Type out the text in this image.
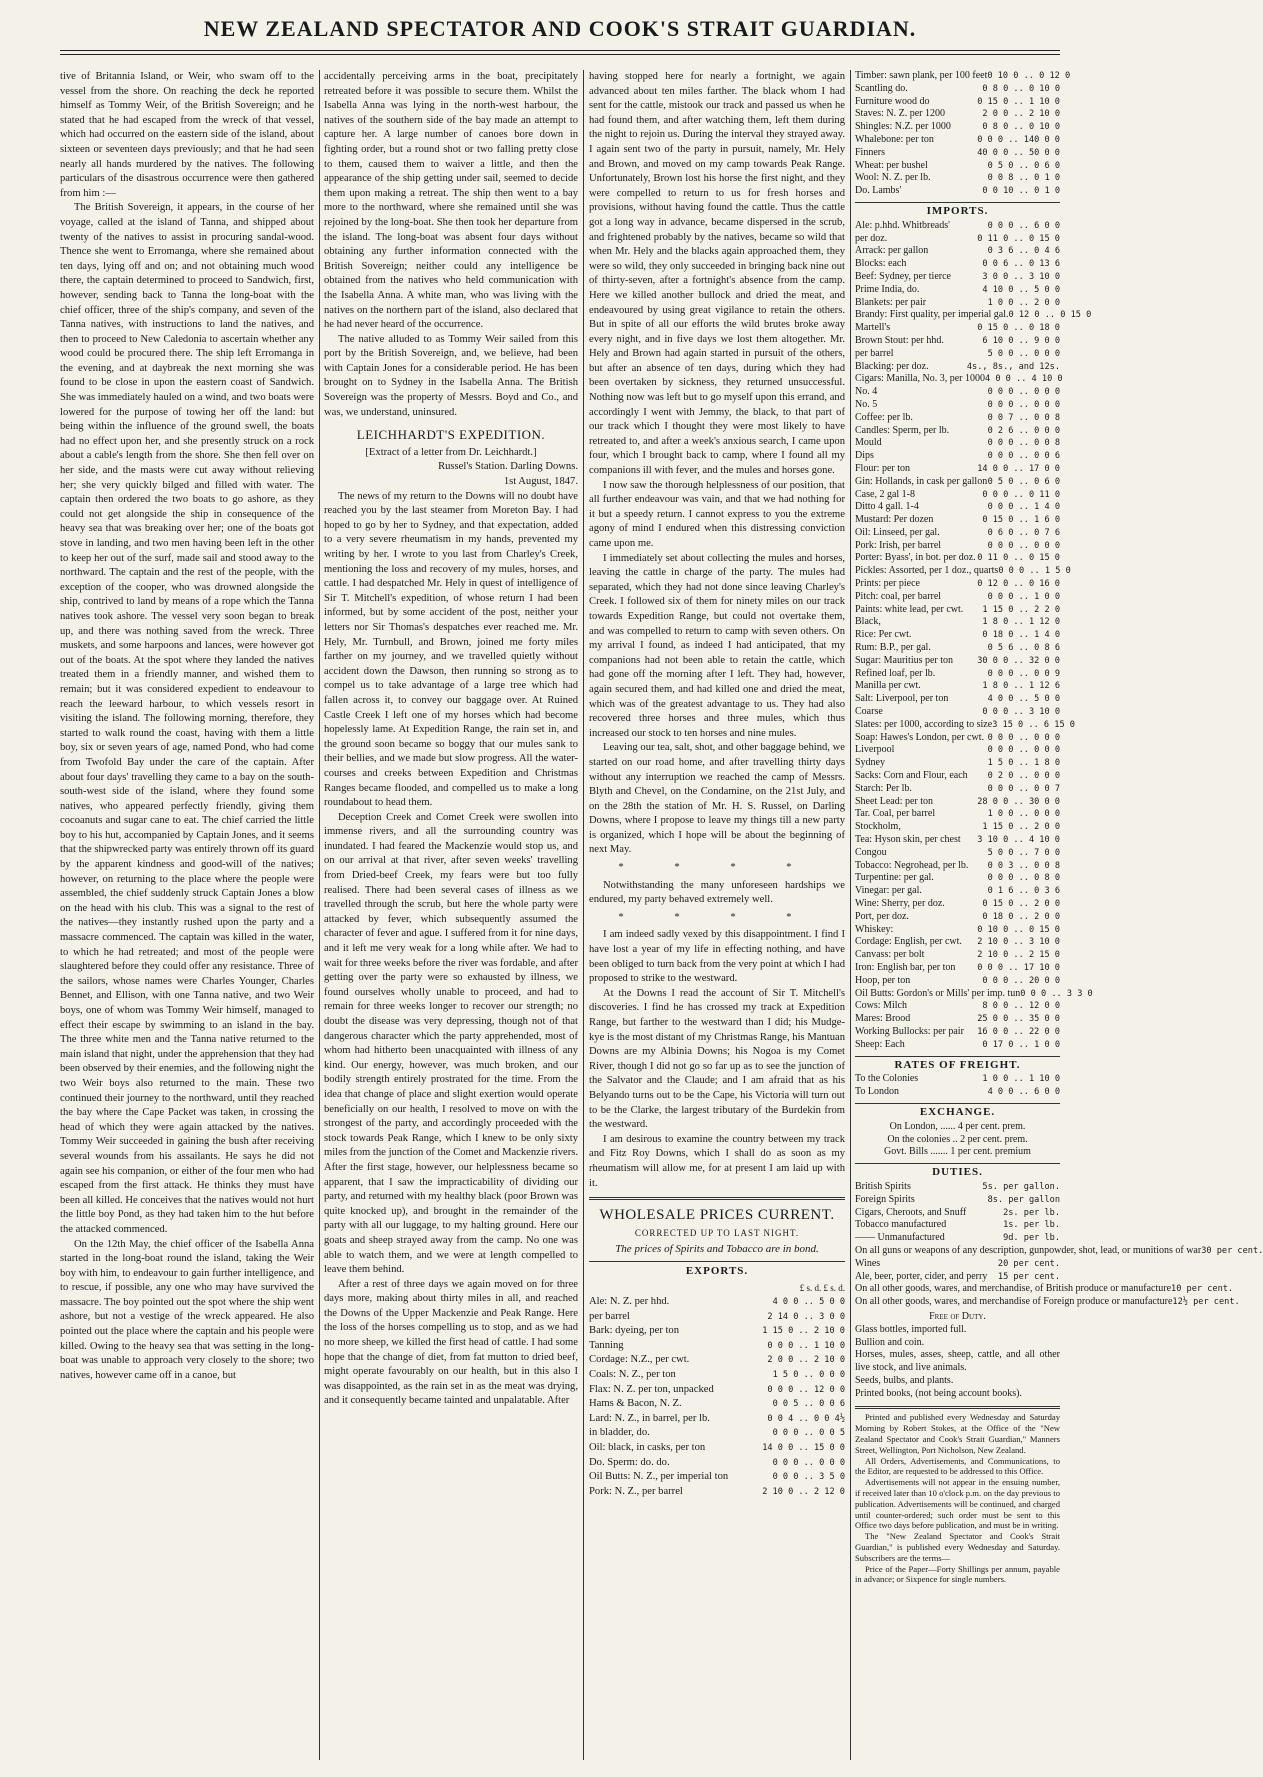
NEW ZEALAND SPECTATOR AND COOK'S STRAIT GUARDIAN.

tive of Britannia Island, or Weir, who swam off to the vessel from the shore. On reaching the deck he reported himself as Tommy Weir, of the British Sovereign; and he stated that he had escaped from the wreck of that vessel, which had occurred on the eastern side of the island, about sixteen or seventeen days previously; and that he had seen nearly all hands murdered by the natives. The following particulars of the disastrous occurrence were then gathered from him :—

The British Sovereign, it appears, in the course of her voyage, called at the island of Tanna, and shipped about twenty of the natives to assist in procuring sandal-wood. Thence she went to Erromanga, where she remained about ten days, lying off and on; and not obtaining much wood there, the captain determined to proceed to Sandwich, first, however, sending back to Tanna the long-boat with the chief officer, three of the ship's company, and seven of the Tanna natives, with instructions to land the natives, and then to proceed to New Caledonia to ascertain whether any wood could be procured there. The ship left Erromanga in the evening, and at daybreak the next morning she was found to be close in upon the eastern coast of Sandwich. She was immediately hauled on a wind, and two boats were lowered for the purpose of towing her off the land: but being within the influence of the ground swell, the boats had no effect upon her, and she presently struck on a rock about a cable's length from the shore. She then fell over on her side, and the masts were cut away without relieving her; she very quickly bilged and filled with water. The captain then ordered the two boats to go ashore, as they could not get alongside the ship in consequence of the heavy sea that was breaking over her; one of the boats got stove in landing, and two men having been left in the other to keep her out of the surf, made sail and stood away to the northward. The captain and the rest of the people, with the exception of the cooper, who was drowned alongside the ship, contrived to land by means of a rope which the Tanna natives took ashore. The vessel very soon began to break up, and there was nothing saved from the wreck. Three muskets, and some harpoons and lances, were however got out of the boats. At the spot where they landed the natives treated them in a friendly manner, and wished them to remain; but it was considered expedient to endeavour to reach the leeward harbour, to which vessels resort in visiting the island. The following morning, therefore, they started to walk round the coast, having with them a little boy, six or seven years of age, named Pond, who had come from Twofold Bay under the care of the captain. After about four days' travelling they came to a bay on the south-south-west side of the island, where they found some natives, who appeared perfectly friendly, giving them cocoanuts and sugar cane to eat. The chief carried the little boy to his hut, accompanied by Captain Jones, and it seems that the shipwrecked party was entirely thrown off its guard by the apparent kindness and good-will of the natives; however, on returning to the place where the people were assembled, the chief suddenly struck Captain Jones a blow on the head with his club. This was a signal to the rest of the natives—they instantly rushed upon the party and a massacre commenced. The captain was killed in the water, to which he had retreated; and most of the people were slaughtered before they could offer any resistance. Three of the sailors, whose names were Charles Younger, Charles Bennet, and Ellison, with one Tanna native, and two Weir boys, one of whom was Tommy Weir himself, managed to effect their escape by swimming to an island in the bay. The three white men and the Tanna native returned to the main island that night, under the apprehension that they had been observed by their enemies, and the following night the two Weir boys also returned to the main. These two continued their journey to the northward, until they reached the bay where the Cape Packet was taken, in crossing the head of which they were again attacked by the natives. Tommy Weir succeeded in gaining the bush after receiving several wounds from his assailants. He says he did not again see his companion, or either of the four men who had escaped from the first attack. He thinks they must have been all killed. He conceives that the natives would not hurt the little boy Pond, as they had taken him to the hut before the attacked commenced.

On the 12th May, the chief officer of the Isabella Anna started in the long-boat round the island, taking the Weir boy with him, to endeavour to gain further intelligence, and to rescue, if possible, any one who may have survived the massacre. The boy pointed out the spot where the ship went ashore, but not a vestige of the wreck appeared. He also pointed out the place where the captain and his people were killed. Owing to the heavy sea that was setting in the long-boat was unable to approach very closely to the shore; two natives, however came off in a canoe, but

accidentally perceiving arms in the boat, precipitately retreated before it was possible to secure them. Whilst the Isabella Anna was lying in the north-west harbour, the natives of the southern side of the bay made an attempt to capture her. A large number of canoes bore down in fighting order, but a round shot or two falling pretty close to them, caused them to waiver a little, and then the appearance of the ship getting under sail, seemed to decide them upon making a retreat. The ship then went to a bay more to the northward, where she remained until she was rejoined by the long-boat. She then took her departure from the island. The long-boat was absent four days without obtaining any further information connected with the British Sovereign; neither could any intelligence be obtained from the natives who held communication with the Isabella Anna. A white man, who was living with the natives on the northern part of the island, also declared that he had never heard of the occurrence.

The native alluded to as Tommy Weir sailed from this port by the British Sovereign, and, we believe, had been with Captain Jones for a considerable period. He has been brought on to Sydney in the Isabella Anna. The British Sovereign was the property of Messrs. Boyd and Co., and was, we understand, uninsured.

LEICHHARDT'S EXPEDITION.

[Extract of a letter from Dr. Leichhardt.]

Russel's Station. Darling Downs.

1st August, 1847.

The news of my return to the Downs will no doubt have reached you by the last steamer from Moreton Bay. I had hoped to go by her to Sydney, and that expectation, added to a very severe rheumatism in my hands, prevented my writing by her. I wrote to you last from Charley's Creek, mentioning the loss and recovery of my mules, horses, and cattle. I had despatched Mr. Hely in quest of intelligence of Sir T. Mitchell's expedition, of whose return I had been informed, but by some accident of the post, neither your letters nor Sir Thomas's despatches ever reached me. Mr. Hely, Mr. Turnbull, and Brown, joined me forty miles farther on my journey, and we travelled quietly without accident down the Dawson, then running so strong as to compel us to take advantage of a large tree which had fallen across it, to convey our baggage over. At Ruined Castle Creek I left one of my horses which had become hopelessly lame. At Expedition Range, the rain set in, and the ground soon became so boggy that our mules sank to their bellies, and we made but slow progress. All the water-courses and creeks between Expedition and Christmas Ranges became flooded, and compelled us to make a long roundabout to head them.

Deception Creek and Comet Creek were swollen into immense rivers, and all the surrounding country was inundated. I had feared the Mackenzie would stop us, and on our arrival at that river, after seven weeks' travelling from Dried-beef Creek, my fears were but too fully realised. There had been several cases of illness as we travelled through the scrub, but here the whole party were attacked by fever, which subsequently assumed the character of fever and ague. I suffered from it for nine days, and it left me very weak for a long while after. We had to wait for three weeks before the river was fordable, and after getting over the party were so exhausted by illness, we found ourselves wholly unable to proceed, and had to remain for three weeks longer to recover our strength; no doubt the disease was very depressing, though not of that dangerous character which the party apprehended, most of whom had hitherto been unacquainted with illness of any kind. Our energy, however, was much broken, and our bodily strength entirely prostrated for the time. From the idea that change of place and slight exertion would operate beneficially on our health, I resolved to move on with the strongest of the party, and accordingly proceeded with the stock towards Peak Range, which I knew to be only sixty miles from the junction of the Comet and Mackenzie rivers. After the first stage, however, our helplessness became so apparent, that I saw the impracticability of dividing our party, and returned with my healthy black (poor Brown was quite knocked up), and brought in the remainder of the party with all our luggage, to my halting ground. Here our goats and sheep strayed away from the camp. No one was able to watch them, and we were at length compelled to leave them behind.

After a rest of three days we again moved on for three days more, making about thirty miles in all, and reached the Downs of the Upper Mackenzie and Peak Range. Here the loss of the horses compelling us to stop, and as we had no more sheep, we killed the first head of cattle. I had some hope that the change of diet, from fat mutton to dried beef, might operate favourably on our health, but in this also I was disappointed, as the rain set in as the meat was drying, and it consequently became tainted and unpalatable. After

having stopped here for nearly a fortnight, we again advanced about ten miles farther. The black whom I had sent for the cattle, mistook our track and passed us when he had found them, and after watching them, left them during the night to rejoin us. During the interval they strayed away. I again sent two of the party in pursuit, namely, Mr. Hely and Brown, and moved on my camp towards Peak Range. Unfortunately, Brown lost his horse the first night, and they were compelled to return to us for fresh horses and provisions, without having found the cattle. Thus the cattle got a long way in advance, became dispersed in the scrub, and frightened probably by the natives, became so wild that when Mr. Hely and the blacks again approached them, they were so wild, they only succeeded in bringing back nine out of thirty-seven, after a fortnight's absence from the camp. Here we killed another bullock and dried the meat, and endeavoured by using great vigilance to retain the others. But in spite of all our efforts the wild brutes broke away every night, and in five days we lost them altogether. Mr. Hely and Brown had again started in pursuit of the others, but after an absence of ten days, during which they had been overtaken by sickness, they returned unsuccessful. Nothing now was left but to go myself upon this errand, and accordingly I went with Jemmy, the black, to that part of our track which I thought they were most likely to have retreated to, and after a week's anxious search, I came upon four, which I brought back to camp, where I found all my companions ill with fever, and the mules and horses gone.

I now saw the thorough helplessness of our position, that all further endeavour was vain, and that we had nothing for it but a speedy return. I cannot express to you the extreme agony of mind I endured when this distressing conviction came upon me.

I immediately set about collecting the mules and horses, leaving the cattle in charge of the party. The mules had separated, which they had not done since leaving Charley's Creek. I followed six of them for ninety miles on our track towards Expedition Range, but could not overtake them, and was compelled to return to camp with seven others. On my arrival I found, as indeed I had anticipated, that my companions had not been able to retain the cattle, which had gone off the morning after I left. They had, however, again secured them, and had killed one and dried the meat, which was of the greatest advantage to us. They had also recovered three horses and three mules, which thus increased our stock to ten horses and nine mules.

Leaving our tea, salt, shot, and other baggage behind, we started on our road home, and after travelling thirty days without any interruption we reached the camp of Messrs. Blyth and Chevel, on the Condamine, on the 21st July, and on the 28th the station of Mr. H. S. Russel, on Darling Downs, where I propose to leave my things till a new party is organized, which I hope will be about the beginning of next May.

* * * *

Notwithstanding the many unforeseen hardships we endured, my party behaved extremely well.

* * * *

I am indeed sadly vexed by this disappointment. I find I have lost a year of my life in effecting nothing, and have been obliged to turn back from the very point at which I had proposed to strike to the westward.

At the Downs I read the account of Sir T. Mitchell's discoveries. I find he has crossed my track at Expedition Range, but farther to the westward than I did; his Mudge-kye is the most distant of my Christmas Range, his Mantuan Downs are my Albinia Downs; his Nogoa is my Comet River, though I did not go so far up as to see the junction of the Salvator and the Claude; and I am afraid that as his Belyando turns out to be the Cape, his Victoria will turn out to be the Clarke, the largest tributary of the Burdekin from the westward.

I am desirous to examine the country between my track and Fitz Roy Downs, which I shall do as soon as my rheumatism will allow me, for at present I am laid up with it.

WHOLESALE PRICES CURRENT.
CORRECTED UP TO LAST NIGHT.
The prices of Spirits and Tobacco are in bond.
EXPORTS.
£ s. d. £ s. d.
Ale: N. Z. per hhd.	4 0 0 .. 5 0 0
per barrel	2 14 0 .. 3 0 0
Bark: dyeing, per ton	1 15 0 .. 2 10 0
Tanning	0 0 0 .. 1 10 0
Cordage: N.Z., per cwt.	2 0 0 .. 2 10 0
Coals: N. Z., per ton	1 5 0 .. 0 0 0
Flax: N. Z. per ton, unpacked	0 0 0 .. 12 0 0
Hams & Bacon, N. Z.	0 0 5 .. 0 0 6
Lard: N. Z., in barrel, per lb.	0 0 4 .. 0 0 4½
in bladder, do.	0 0 0 .. 0 0 5
Oil: black, in casks, per ton	14 0 0 .. 15 0 0
Do. Sperm: do. do.	0 0 0 .. 0 0 0
Oil Butts: N. Z., per imperial ton	0 0 0 .. 3 5 0
Pork: N. Z., per barrel	2 10 0 .. 2 12 0
Timber: sawn plank, per 100 feet 0 10 0 .. 0 12 0
Scantling do.	0 8 0 .. 0 10 0
Furniture wood do	0 15 0 .. 1 10 0
Staves: N. Z. per 1200	2 0 0 .. 2 10 0
Shingles: N.Z. per 1000	0 8 0 .. 0 10 0
Whalebone: per ton	0 0 0 .. 140 0 0
Finners	40 0 0 .. 50 0 0
Wheat: per bushel	0 5 0 .. 0 6 0
Wool: N. Z. per lb.	0 0 8 .. 0 1 0
Do. Lambs'	0 0 10 .. 0 1 0
IMPORTS.
Ale: p.hhd. Whitbreads'	0 0 0 .. 6 0 0
per doz.	0 11 0 .. 0 15 0
Arrack: per gallon	0 3 6 .. 0 4 6
Blocks: each	0 0 6 .. 0 13 6
Beef: Sydney, per tierce	3 0 0 .. 3 10 0
Prime India, do.	4 10 0 .. 5 0 0
Blankets: per pair	1 0 0 .. 2 0 0
Brandy: First quality, per imperial gal. 0 12 0 .. 0 15 0
Martell's	0 15 0 .. 0 18 0
Brown Stout: per hhd.	6 10 0 .. 9 0 0
per barrel	5 0 0 .. 0 0 0
Blacking: per doz.	4s., 8s., and 12s.
Cigars: Manilla, No. 3, per 1000 4 0 0 .. 4 10 0
No. 4	0 0 0 .. 0 0 0
No. 5	0 0 0 .. 0 0 0
Coffee: per lb.	0 0 7 .. 0 0 8
Candles: Sperm, per lb.	0 2 6 .. 0 0 0
Mould	0 0 0 .. 0 0 8
Dips	0 0 0 .. 0 0 6
Flour: per ton	14 0 0 .. 17 0 0
Gin: Hollands, in cask per gallon 0 5 0 .. 0 6 0
Case, 2 gal 1-8	0 0 0 .. 0 11 0
Ditto 4 gall. 1-4	0 0 0 .. 1 4 0
Mustard: Per dozen	0 15 0 .. 1 6 0
Oil: Linseed, per gal.	0 6 0 .. 0 7 6
Pork: Irish, per barrel	0 0 0 .. 0 0 0
Porter: Byass', in bot. per doz. 0 11 0 .. 0 15 0
Pickles: Assorted, per 1 doz., quarts 0 0 0 .. 1 5 0
Prints: per piece	0 12 0 .. 0 16 0
Pitch: coal, per barrel	0 0 0 .. 1 0 0
Paints: white lead, per cwt.	1 15 0 .. 2 2 0
Black,	1 8 0 .. 1 12 0
Rice: Per cwt.	0 18 0 .. 1 4 0
Rum: B.P., per gal.	0 5 6 .. 0 8 6
Sugar: Mauritius per ton	30 0 0 .. 32 0 0
Refined loaf, per lb.	0 0 0 .. 0 0 9
Manilla per cwt.	1 8 0 .. 1 12 6
Salt: Liverpool, per ton	4 0 0 .. 5 0 0
Coarse	0 0 0 .. 3 10 0
Slates: per 1000, according to size 3 15 0 .. 6 15 0
Soap: Hawes's London, per cwt. 0 0 0 .. 0 0 0
Liverpool	0 0 0 .. 0 0 0
Sydney	1 5 0 .. 1 8 0
Sacks: Corn and Flour, each	0 2 0 .. 0 0 0
Starch: Per lb.	0 0 0 .. 0 0 7
Sheet Lead: per ton	28 0 0 .. 30 0 0
Tar. Coal, per barrel	1 0 0 .. 0 0 0
Stockholm,	1 15 0 .. 2 0 0
Tea: Hyson skin, per chest	3 10 0 .. 4 10 0
Congou	5 0 0 .. 7 0 0
Tobacco: Negrohead, per lb.	0 0 3 .. 0 0 8
Turpentine: per gal.	0 0 0 .. 0 8 0
Vinegar: per gal.	0 1 6 .. 0 3 6
Wine: Sherry, per doz.	0 15 0 .. 2 0 0
Port, per doz.	0 18 0 .. 2 0 0
Whiskey:	0 10 0 .. 0 15 0
Cordage: English, per cwt.	2 10 0 .. 3 10 0
Canvass: per bolt	2 10 0 .. 2 15 0
Iron: English bar, per ton	0 0 0 .. 17 10 0
Hoop, per ton	0 0 0 .. 20 0 0
Oil Butts: Gordon's or Mills' per imp. tun 0 0 0 .. 3 3 0
Cows: Milch	8 0 0 .. 12 0 0
Mares: Brood	25 0 0 .. 35 0 0
Working Bullocks: per pair	16 0 0 .. 22 0 0
Sheep: Each	0 17 0 .. 1 0 0
RATES OF FREIGHT.
To the Colonies	1 0 0 .. 1 10 0
To London	4 0 0 .. 6 0 0
EXCHANGE.
On London, ...... 4 per cent. prem.
On the colonies .. 2 per cent. prem.
Govt. Bills ....... 1 per cent. premium
DUTIES.
British Spirits	5s. per gallon.
Foreign Spirits	8s. per gallon
Cigars, Cheroots, and Snuff	2s. per lb.
Tobacco manufactured	1s. per lb.
—— Unmanufactured	9d. per lb.
On all guns or weapons of any description, gunpowder, shot, lead, or munitions of war 30 per cent.
Wines	20 per cent.
Ale, beer, porter, cider, and perry	15 per cent.
On all other goods, wares, and merchandise, of British produce or manufacture 10 per cent.
On all other goods, wares, and merchandise of Foreign produce or manufacture 12½ per cent.
Free of Duty.
Glass bottles, imported full.
Bullion and coin.
Horses, mules, asses, sheep, cattle, and all other live stock, and live animals.
Seeds, bulbs, and plants.
Printed books, (not being account books).

Printed and published every Wednesday and Saturday Morning by Robert Stokes, at the Office of the "New Zealand Spectator and Cook's Strait Guardian," Manners Street, Wellington, Port Nicholson, New Zealand.

All Orders, Advertisements, and Communications, to the Editor, are requested to be addressed to this Office.

Advertisements will not appear in the ensuing number, if received later than 10 o'clock p.m. on the day previous to publication. Advertisements will be continued, and charged until counter-ordered; such order must be sent to this Office two days before publication, and must be in writing.

The "New Zealand Spectator and Cook's Strait Guardian," is published every Wednesday and Saturday. Subscribers are the terms—

Price of the Paper—Forty Shillings per annum, payable in advance; or Sixpence for single numbers.
